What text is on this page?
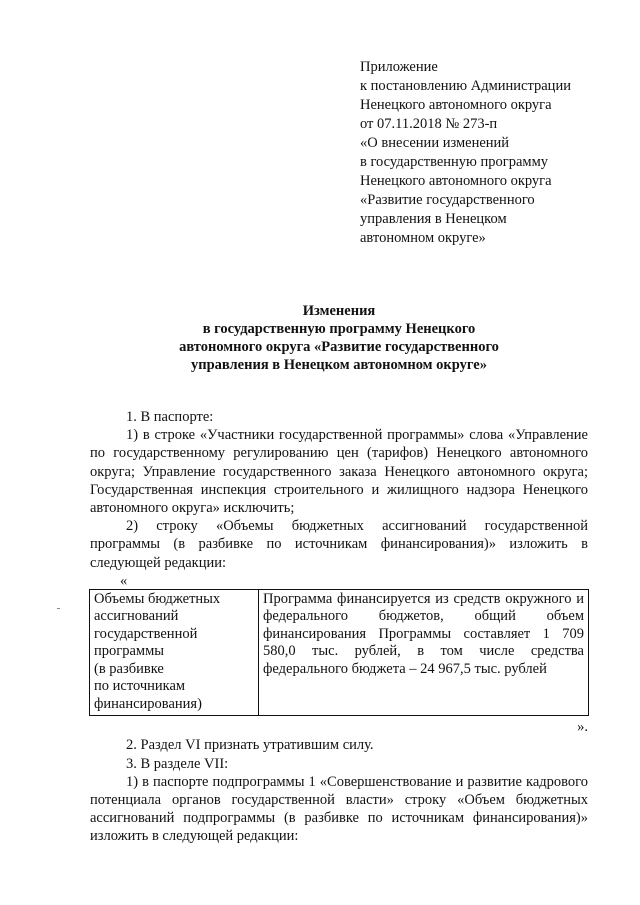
Приложение
к постановлению Администрации
Ненецкого автономного округа
от 07.11.2018 № 273-п
«О внесении изменений
в государственную программу
Ненецкого автономного округа
«Развитие государственного
управления в Ненецком
автономном округе»
Изменения
в государственную программу Ненецкого
автономного округа «Развитие государственного
управления в Ненецком автономном округе»
1. В паспорте:
1) в строке «Участники государственной программы» слова «Управление по государственному регулированию цен (тарифов) Ненецкого автономного округа; Управление государственного заказа Ненецкого автономного округа; Государственная инспекция строительного и жилищного надзора Ненецкого автономного округа» исключить;
2) строку «Объемы бюджетных ассигнований государственной программы (в разбивке по источникам финансирования)» изложить в следующей редакции:
«
Объемы бюджетных
ассигнований
государственной
программы
(в разбивке
по источникам
финансирования)
	Программа финансируется из средств окружного и федерального бюджетов, общий объем финансирования Программы составляет 1 709 580,0 тыс. рублей, в том числе средства федерального бюджета – 24 967,5 тыс. рублей
».
2. Раздел VI признать утратившим силу.
3. В разделе VII:
1) в паспорте подпрограммы 1 «Совершенствование и развитие кадрового потенциала органов государственной власти» строку «Объем бюджетных ассигнований подпрограммы (в разбивке по источникам финансирования)» изложить в следующей редакции:
